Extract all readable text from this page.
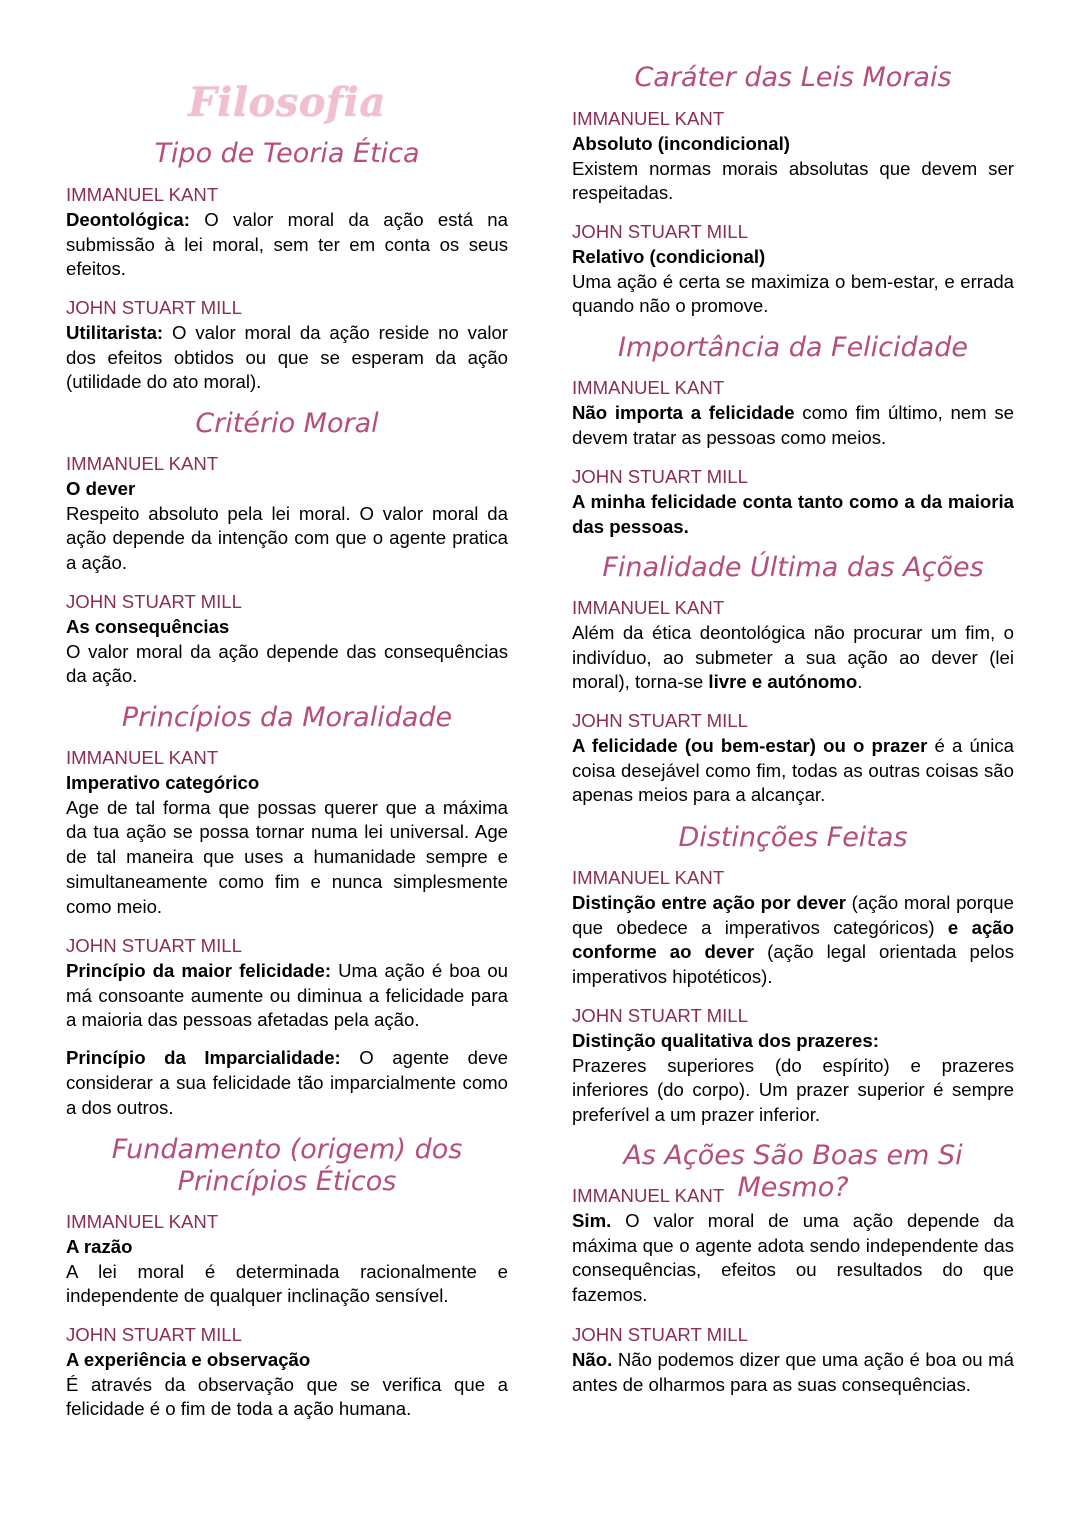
Filosofia
Tipo de Teoria Ética
IMMANUEL KANT

Deontológica: O valor moral da ação está na submissão à lei moral, sem ter em conta os seus efeitos.

JOHN STUART MILL

Utilitarista: O valor moral da ação reside no valor dos efeitos obtidos ou que se esperam da ação (utilidade do ato moral).

Critério Moral
IMMANUEL KANT
O dever

Respeito absoluto pela lei moral. O valor moral da ação depende da intenção com que o agente pratica a ação.

JOHN STUART MILL
As consequências

O valor moral da ação depende das consequências da ação.

Princípios da Moralidade
IMMANUEL KANT
Imperativo categórico

Age de tal forma que possas querer que a máxima da tua ação se possa tornar numa lei universal. Age de tal maneira que uses a humanidade sempre e simultaneamente como fim e nunca simplesmente como meio.

JOHN STUART MILL

Princípio da maior felicidade: Uma ação é boa ou má consoante aumente ou diminua a felicidade para a maioria das pessoas afetadas pela ação.

Princípio da Imparcialidade: O agente deve considerar a sua felicidade tão imparcialmente como a dos outros.

Fundamento (origem) dos
Princípios Éticos
IMMANUEL KANT
A razão

A lei moral é determinada racionalmente e independente de qualquer inclinação sensível.

JOHN STUART MILL
A experiência e observação

É através da observação que se verifica que a felicidade é o fim de toda a ação humana.

Caráter das Leis Morais
IMMANUEL KANT
Absoluto (incondicional)

Existem normas morais absolutas que devem ser respeitadas.

JOHN STUART MILL
Relativo (condicional)

Uma ação é certa se maximiza o bem-estar, e errada quando não o promove.

Importância da Felicidade
IMMANUEL KANT

Não importa a felicidade como fim último, nem se devem tratar as pessoas como meios.

JOHN STUART MILL

A minha felicidade conta tanto como a da maioria das pessoas.

Finalidade Última das Ações
IMMANUEL KANT

Além da ética deontológica não procurar um fim, o indivíduo, ao submeter a sua ação ao dever (lei moral), torna-se livre e autónomo.

JOHN STUART MILL

A felicidade (ou bem-estar) ou o prazer é a única coisa desejável como fim, todas as outras coisas são apenas meios para a alcançar.

Distinções Feitas
IMMANUEL KANT

Distinção entre ação por dever (ação moral porque que obedece a imperativos categóricos) e ação conforme ao dever (ação legal orientada pelos imperativos hipotéticos).

JOHN STUART MILL
Distinção qualitativa dos prazeres:

Prazeres superiores (do espírito) e prazeres inferiores (do corpo). Um prazer superior é sempre preferível a um prazer inferior.

As Ações São Boas em Si Mesmo?
IMMANUEL KANT

Sim. O valor moral de uma ação depende da máxima que o agente adota sendo independente das consequências, efeitos ou resultados do que fazemos.

JOHN STUART MILL

Não. Não podemos dizer que uma ação é boa ou má antes de olharmos para as suas consequências.
